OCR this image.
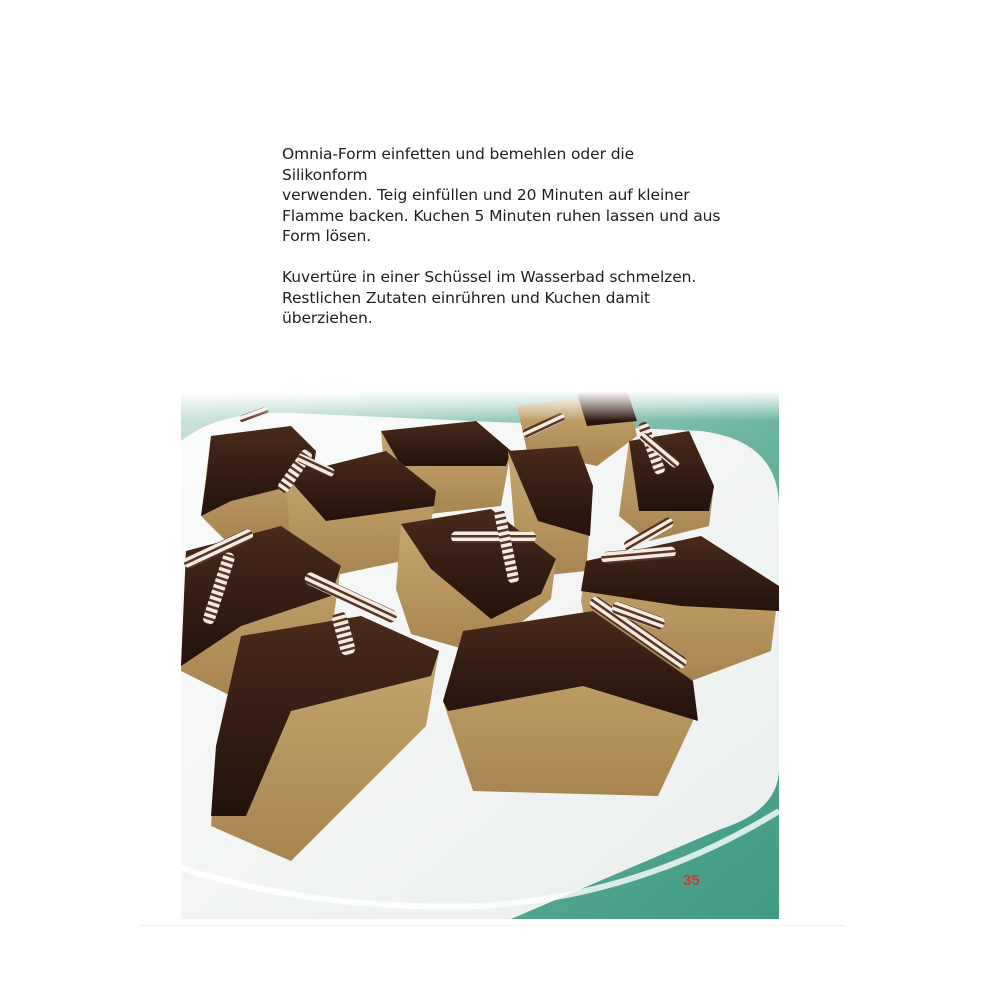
Omnia-Form einfetten und bemehlen oder die Silikonform
verwenden. Teig einfüllen und 20 Minuten auf kleiner
Flamme backen. Kuchen 5 Minuten ruhen lassen und aus
Form lösen.

Kuvertüre in einer Schüssel im Wasserbad schmelzen.
Restlichen Zutaten einrühren und Kuchen damit
überziehen.

35
